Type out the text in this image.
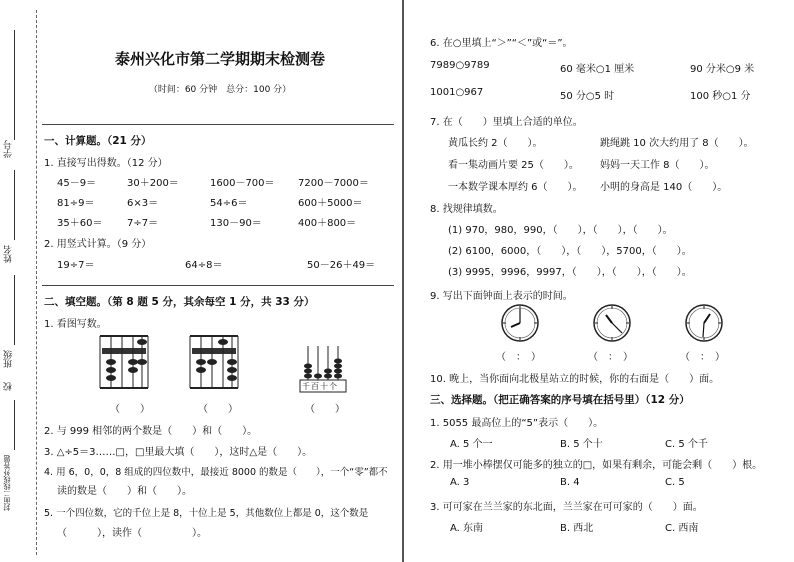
学号
姓名
班级
校
封面二线线外答题
泰州兴化市第二学期期末检测卷
（时间：60 分钟　总分：100 分）
一、计算题。（21 分）
1. 直接写出得数。（12 分）
45－9＝	30＋200＝	1600－700＝ 7200－7000＝
81÷9＝	6×3＝	54÷6＝	600＋5000＝
35＋60＝ 7÷7＝	130－90＝	400＋800＝
2. 用竖式计算。（9 分）
19÷7＝	64÷8＝	50－26＋49＝
二、填空题。（第 8 题 5 分，其余每空 1 分，共 33 分）
1. 看图写数。
千百十个
（　　）	（　　）	（　　）
2. 与 999 相邻的两个数是（　　）和（　　）。
3. △÷5＝3……□，□里最大填（　　），这时△是（　　）。
4. 用 6，0，0，8 组成的四位数中，最接近 8000 的数是（　　），一个“零”都不
读的数是（　　）和（　　）。
5. 一个四位数，它的千位上是 8，十位上是 5，其他数位上都是 0，这个数是
（　　　），读作（　　　　　）。
6. 在○里填上“＞”“＜”或“＝”。
7989○9789	60 毫米○1 厘米	90 分米○9 米
1001○967	50 分○5 时	100 秒○1 分
7. 在（　　）里填上合适的单位。
黄瓜长约 2（　　）。	跳绳跳 10 次大约用了 8（　　）。
看一集动画片要 25（　　）。 妈妈一天工作 8（　　）。
一本数学课本厚约 6（　　）。 小明的身高是 140（　　）。
8. 找规律填数。
(1) 970，980，990，（　　），（　　），（　　）。
(2) 6100，6000，（　　），（　　），5700，（　　）。
(3) 9995，9996，9997，（　　），（　　），（　　）。
9. 写出下面钟面上表示的时间。
（　：　）	（　：　）	（　：　）
10. 晚上，当你面向北极星站立的时候，你的右面是（　　）面。
三、选择题。（把正确答案的序号填在括号里）（12 分）
1. 5055 最高位上的“5”表示（　　）。
A. 5 个一	B. 5 个十	C. 5 个千
2. 用一堆小棒摆仅可能多的独立的□，如果有剩余，可能会剩（　　）根。
A. 3	B. 4	C. 5
3. 可可家在兰兰家的东北面，兰兰家在可可家的（　　）面。
A. 东南	B. 西北	C. 西南
